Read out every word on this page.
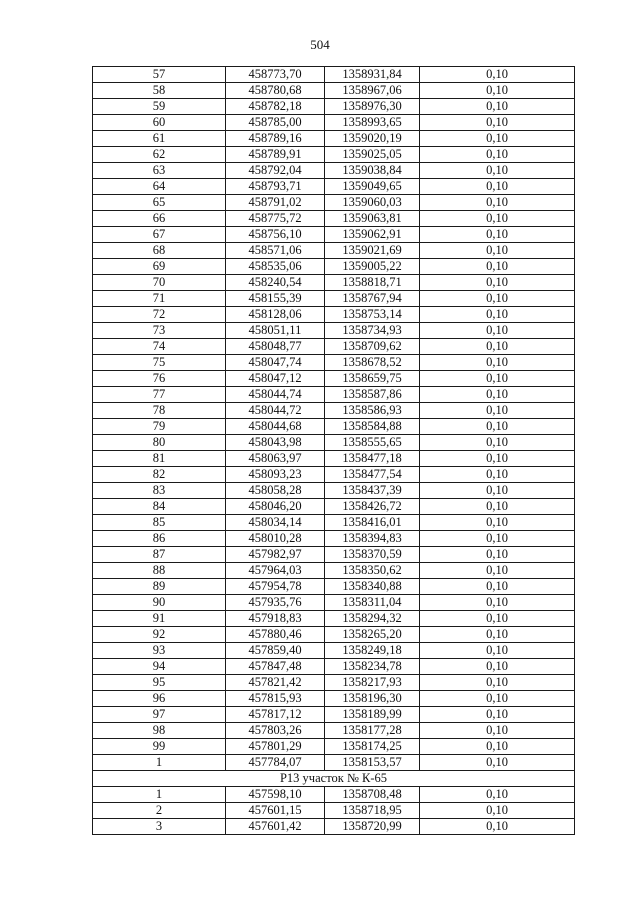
504
57	458773,70	1358931,84	0,10
58	458780,68	1358967,06	0,10
59	458782,18	1358976,30	0,10
60	458785,00	1358993,65	0,10
61	458789,16	1359020,19	0,10
62	458789,91	1359025,05	0,10
63	458792,04	1359038,84	0,10
64	458793,71	1359049,65	0,10
65	458791,02	1359060,03	0,10
66	458775,72	1359063,81	0,10
67	458756,10	1359062,91	0,10
68	458571,06	1359021,69	0,10
69	458535,06	1359005,22	0,10
70	458240,54	1358818,71	0,10
71	458155,39	1358767,94	0,10
72	458128,06	1358753,14	0,10
73	458051,11	1358734,93	0,10
74	458048,77	1358709,62	0,10
75	458047,74	1358678,52	0,10
76	458047,12	1358659,75	0,10
77	458044,74	1358587,86	0,10
78	458044,72	1358586,93	0,10
79	458044,68	1358584,88	0,10
80	458043,98	1358555,65	0,10
81	458063,97	1358477,18	0,10
82	458093,23	1358477,54	0,10
83	458058,28	1358437,39	0,10
84	458046,20	1358426,72	0,10
85	458034,14	1358416,01	0,10
86	458010,28	1358394,83	0,10
87	457982,97	1358370,59	0,10
88	457964,03	1358350,62	0,10
89	457954,78	1358340,88	0,10
90	457935,76	1358311,04	0,10
91	457918,83	1358294,32	0,10
92	457880,46	1358265,20	0,10
93	457859,40	1358249,18	0,10
94	457847,48	1358234,78	0,10
95	457821,42	1358217,93	0,10
96	457815,93	1358196,30	0,10
97	457817,12	1358189,99	0,10
98	457803,26	1358177,28	0,10
99	457801,29	1358174,25	0,10
1	457784,07	1358153,57	0,10
Р13 участок № К-65			
1	457598,10	1358708,48	0,10
2	457601,15	1358718,95	0,10
3	457601,42	1358720,99	0,10
